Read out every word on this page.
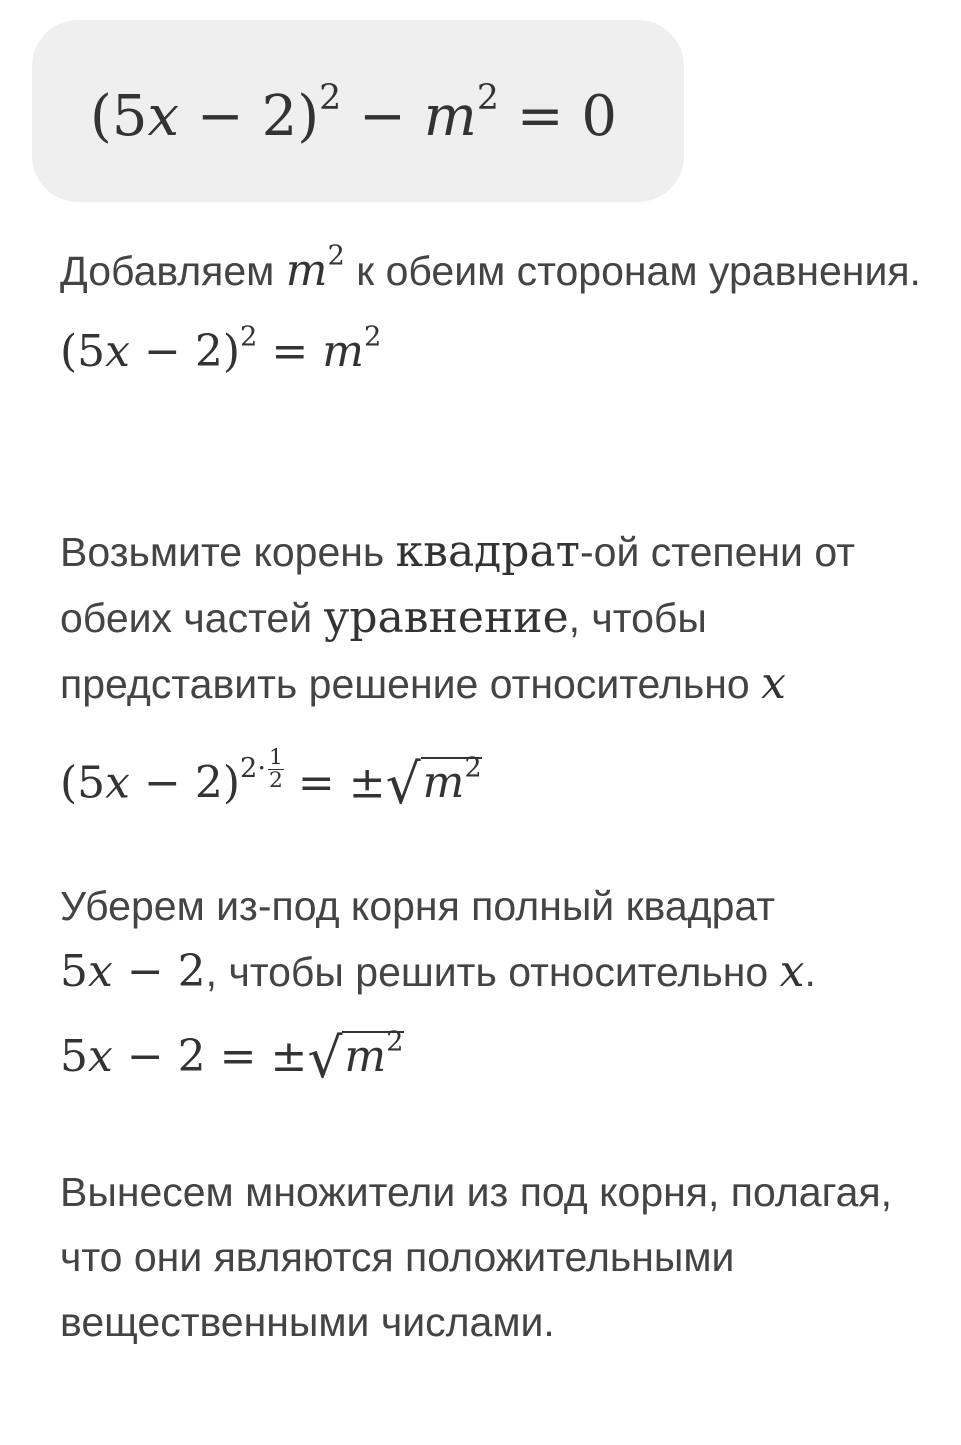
$(5x - 2)^2 - m^2 = 0$

Добавляем $m^2$ к обеим сторонам уравнения.

$(5x - 2)^2 = m^2$

Возьмите корень квадрат-ой степени от обеих частей уравнение, чтобы представить решение относительно x

$(5x - 2)^{2\cdot \frac{1}{2}} = \pm√m^2$

Уберем из-под корня полный квадрат 5x − 2, чтобы решить относительно x.

$5x - 2 = \pm√m^2$

Вынесем множители из под корня, полагая, что они являются положительными вещественными числами.
